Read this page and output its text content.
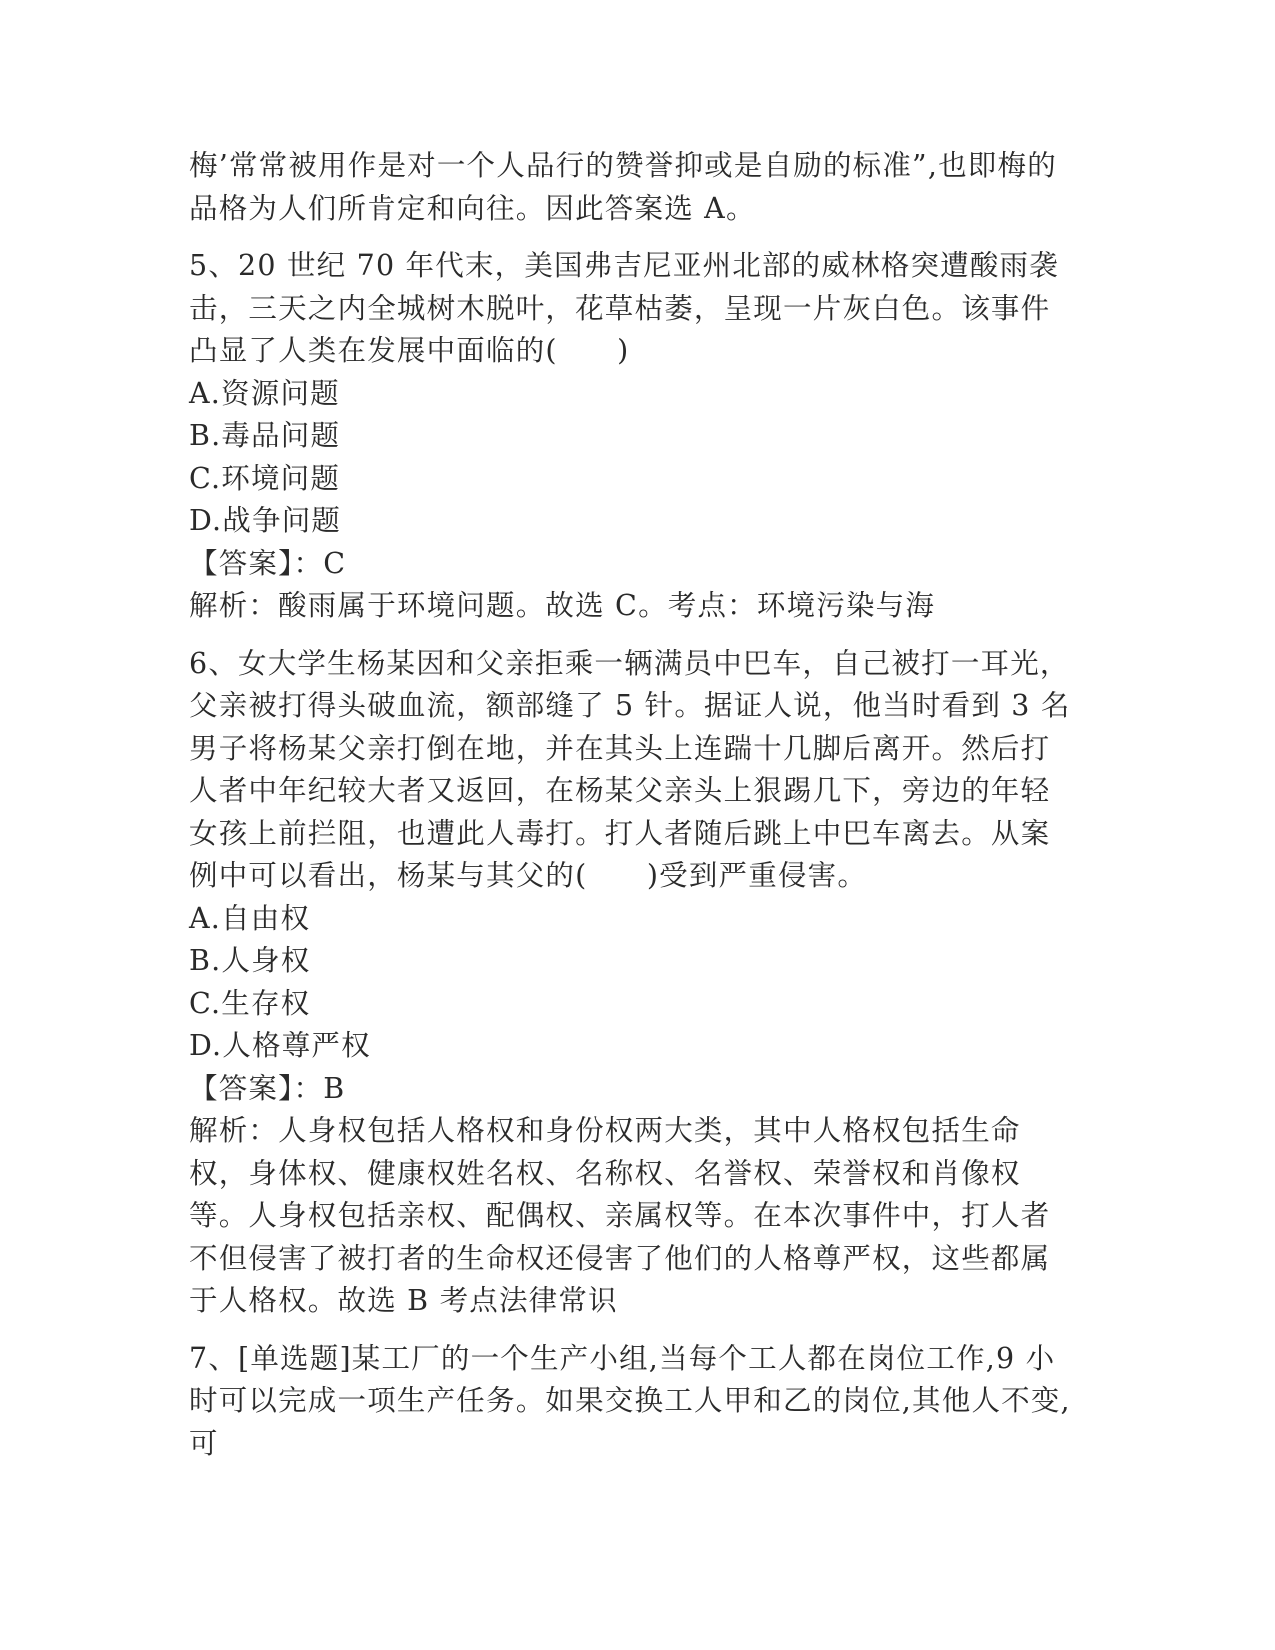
梅’常常被用作是对一个人品行的赞誉抑或是自励的标准”,也即梅的品格为人们所肯定和向往。因此答案选 A。

5、20 世纪 70 年代末，美国弗吉尼亚州北部的威林格突遭酸雨袭击，三天之内全城树木脱叶，花草枯萎，呈现一片灰白色。该事件凸显了人类在发展中面临的(　　)

A.资源问题

B.毒品问题

C.环境问题

D.战争问题

【答案】：C

解析：酸雨属于环境问题。故选 C。考点：环境污染与海

6、女大学生杨某因和父亲拒乘一辆满员中巴车，自己被打一耳光，父亲被打得头破血流，额部缝了 5 针。据证人说，他当时看到 3 名男子将杨某父亲打倒在地，并在其头上连踹十几脚后离开。然后打人者中年纪较大者又返回，在杨某父亲头上狠踢几下，旁边的年轻女孩上前拦阻，也遭此人毒打。打人者随后跳上中巴车离去。从案例中可以看出，杨某与其父的(　　)受到严重侵害。

A.自由权

B.人身权

C.生存权

D.人格尊严权

【答案】：B

解析：人身权包括人格权和身份权两大类，其中人格权包括生命权，身体权、健康权姓名权、名称权、名誉权、荣誉权和肖像权等。人身权包括亲权、配偶权、亲属权等。在本次事件中，打人者不但侵害了被打者的生命权还侵害了他们的人格尊严权，这些都属于人格权。故选 B 考点法律常识

7、[单选题]某工厂的一个生产小组,当每个工人都在岗位工作,9 小时可以完成一项生产任务。如果交换工人甲和乙的岗位,其他人不变,可
